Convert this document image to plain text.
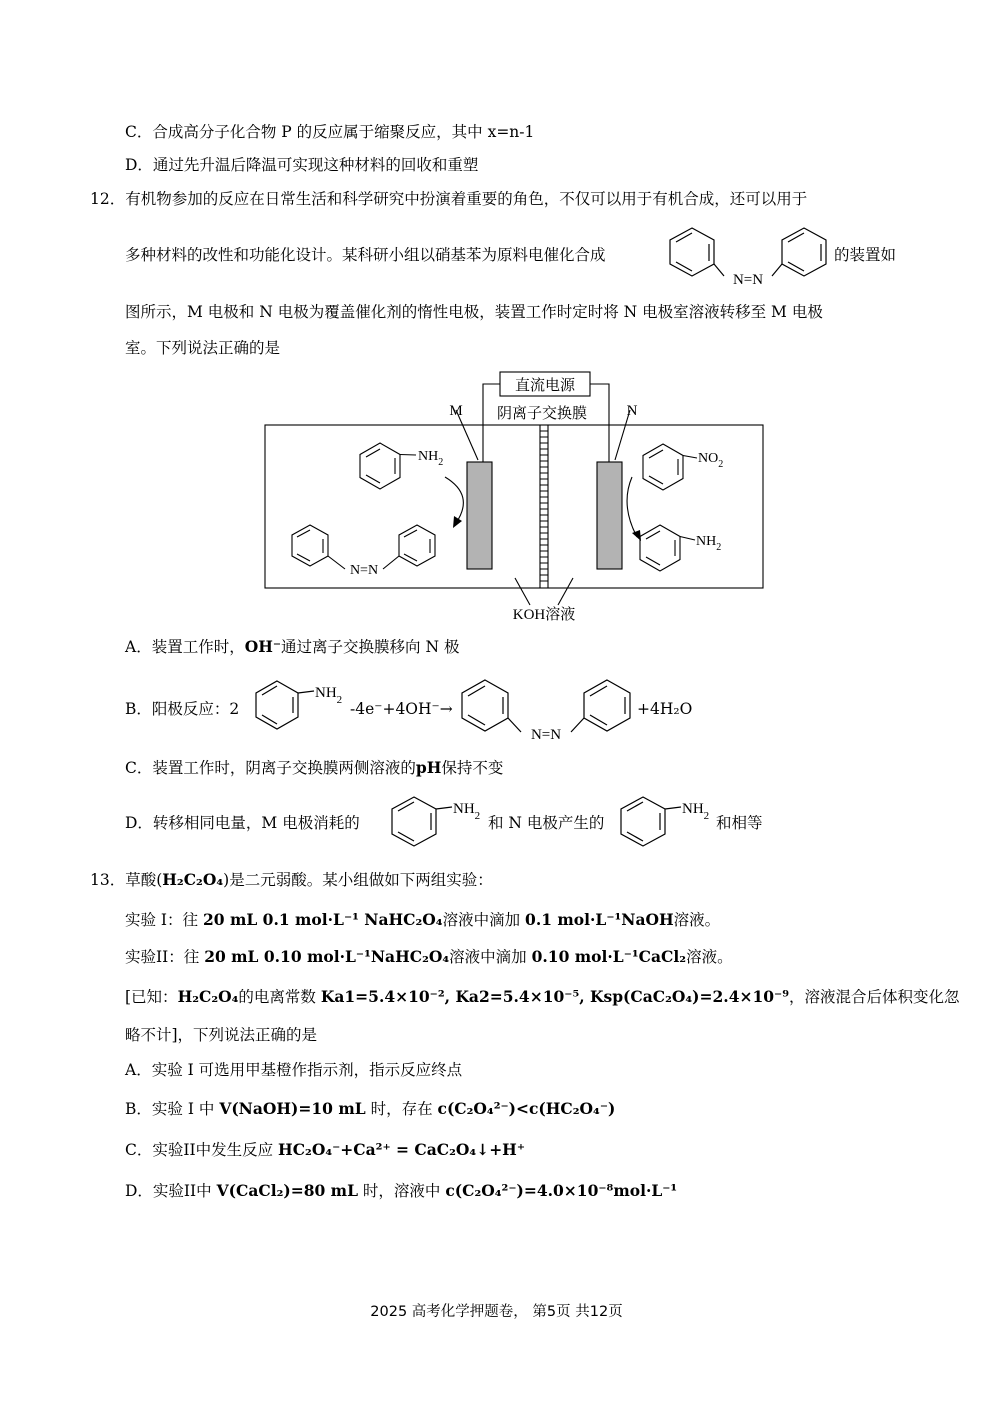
C．合成高分子化合物 P 的反应属于缩聚反应，其中 x=n-1
D．通过先升温后降温可实现这种材料的回收和重塑
12．有机物参加的反应在日常生活和科学研究中扮演着重要的角色，不仅可以用于有机合成，还可以用于
多种材料的改性和功能化设计。某科研小组以硝基苯为原料电催化合成
N=N
的装置如
图所示，M 电极和 N 电极为覆盖催化剂的惰性电极，装置工作时定时将 N 电极室溶液转移至 M 电极
室。下列说法正确的是
直流电源
阴离子交换膜
M	N
KOH溶液
$NH_2$
N=N
$NO_2$
$NH_2$
A．装置工作时，OH⁻通过离子交换膜移向 N 极
B．阳极反应：2
$NH_2$ -4e⁻+4OH⁻→
N=N
+4H₂O
C．装置工作时，阴离子交换膜两侧溶液的pH保持不变
D．转移相同电量，M 电极消耗的
$NH_2$ 和 N 电极产生的
$NH_2$ 和相等
13．草酸(H₂C₂O₄)是二元弱酸。某小组做如下两组实验：
实验 I：往 20 mL 0.1 mol·L⁻¹ NaHC₂O₄溶液中滴加 0.1 mol·L⁻¹NaOH溶液。
实验II：往 20 mL 0.10 mol·L⁻¹NaHC₂O₄溶液中滴加 0.10 mol·L⁻¹CaCl₂溶液。
[已知：H₂C₂O₄的电离常数 Ka1=5.4×10⁻², Ka2=5.4×10⁻⁵, Ksp(CaC₂O₄)=2.4×10⁻⁹，溶液混合后体积变化忽
略不计]，下列说法正确的是
A．实验 I 可选用甲基橙作指示剂，指示反应终点
B．实验 I 中 V(NaOH)=10 mL 时，存在 c(C₂O₄²⁻)<c(HC₂O₄⁻)
C．实验II中发生反应 HC₂O₄⁻+Ca²⁺ = CaC₂O₄↓+H⁺
D．实验II中 V(CaCl₂)=80 mL 时，溶液中 c(C₂O₄²⁻)=4.0×10⁻⁸mol·L⁻¹
2025 高考化学押题卷， 第5页 共12页
